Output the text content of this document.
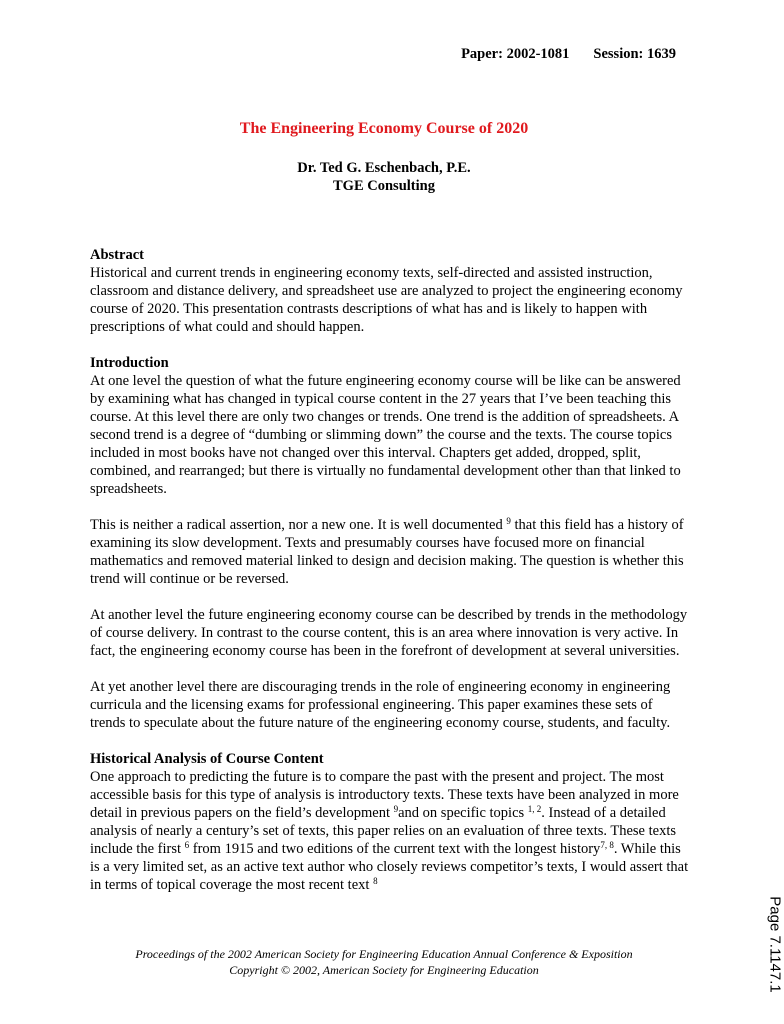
Paper: 2002-1081 Session: 1639
The Engineering Economy Course of 2020
Dr. Ted G. Eschenbach, P.E.
TGE Consulting
Abstract

Historical and current trends in engineering economy texts, self-directed and assisted instruction, classroom and distance delivery, and spreadsheet use are analyzed to project the engineering economy course of 2020. This presentation contrasts descriptions of what has and is likely to happen with prescriptions of what could and should happen.

Introduction

At one level the question of what the future engineering economy course will be like can be answered by examining what has changed in typical course content in the 27 years that I’ve been teaching this course. At this level there are only two changes or trends. One trend is the addition of spreadsheets. A second trend is a degree of “dumbing or slimming down” the course and the texts. The course topics included in most books have not changed over this interval. Chapters get added, dropped, split, combined, and rearranged; but there is virtually no fundamental development other than that linked to spreadsheets.

This is neither a radical assertion, nor a new one. It is well documented $^9$ that this field has a history of examining its slow development. Texts and presumably courses have focused more on financial mathematics and removed material linked to design and decision making. The question is whether this trend will continue or be reversed.

At another level the future engineering economy course can be described by trends in the methodology of course delivery. In contrast to the course content, this is an area where innovation is very active. In fact, the engineering economy course has been in the forefront of development at several universities.

At yet another level there are discouraging trends in the role of engineering economy in engineering curricula and the licensing exams for professional engineering. This paper examines these sets of trends to speculate about the future nature of the engineering economy course, students, and faculty.

Historical Analysis of Course Content

One approach to predicting the future is to compare the past with the present and project. The most accessible basis for this type of analysis is introductory texts. These texts have been analyzed in more detail in previous papers on the field’s development $^9$and on specific topics $^{1, 2}$. Instead of a detailed analysis of nearly a century’s set of texts, this paper relies on an evaluation of three texts. These texts include the first $^6$ from 1915 and two editions of the current text with the longest history$^{7, 8}$. While this is a very limited set, as an active text author who closely reviews competitor’s texts, I would assert that in terms of topical coverage the most recent text $^8$

Proceedings of the 2002 American Society for Engineering Education Annual Conference & Exposition
Copyright © 2002, American Society for Engineering Education	Page 7.1147.1
